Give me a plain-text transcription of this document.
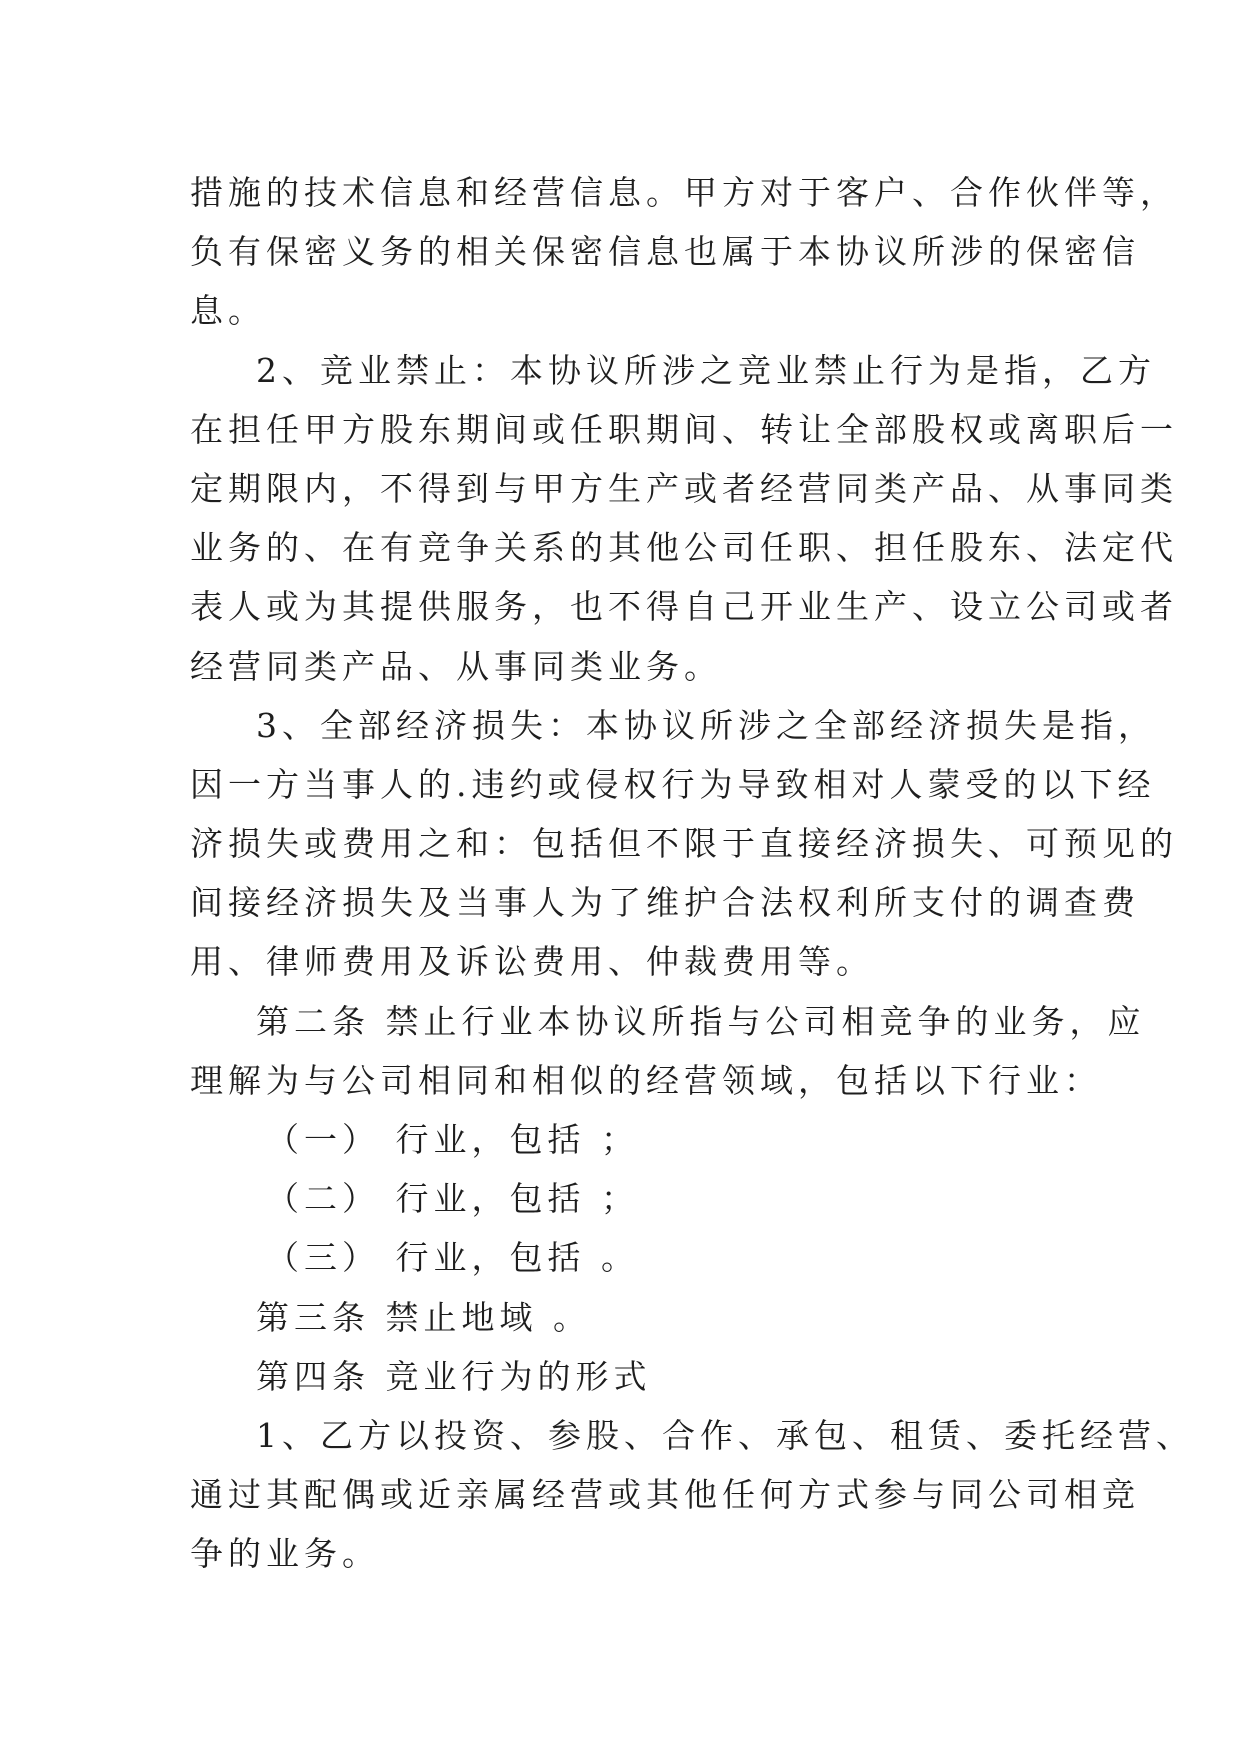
措施的技术信息和经营信息。甲方对于客户、合作伙伴等，
负有保密义务的相关保密信息也属于本协议所涉的保密信
息。
2、竞业禁止：本协议所涉之竞业禁止行为是指，乙方
在担任甲方股东期间或任职期间、转让全部股权或离职后一
定期限内，不得到与甲方生产或者经营同类产品、从事同类
业务的、在有竞争关系的其他公司任职、担任股东、法定代
表人或为其提供服务，也不得自己开业生产、设立公司或者
经营同类产品、从事同类业务。
3、全部经济损失：本协议所涉之全部经济损失是指，
因一方当事人的.违约或侵权行为导致相对人蒙受的以下经
济损失或费用之和：包括但不限于直接经济损失、可预见的
间接经济损失及当事人为了维护合法权利所支付的调查费
用、律师费用及诉讼费用、仲裁费用等。
第二条 禁止行业本协议所指与公司相竞争的业务，应
理解为与公司相同和相似的经营领域，包括以下行业：
（一） 行业，包括 ；
（二） 行业，包括 ；
（三） 行业，包括 。
第三条 禁止地域 。
第四条 竞业行为的形式
1、乙方以投资、参股、合作、承包、租赁、委托经营、
通过其配偶或近亲属经营或其他任何方式参与同公司相竞
争的业务。
